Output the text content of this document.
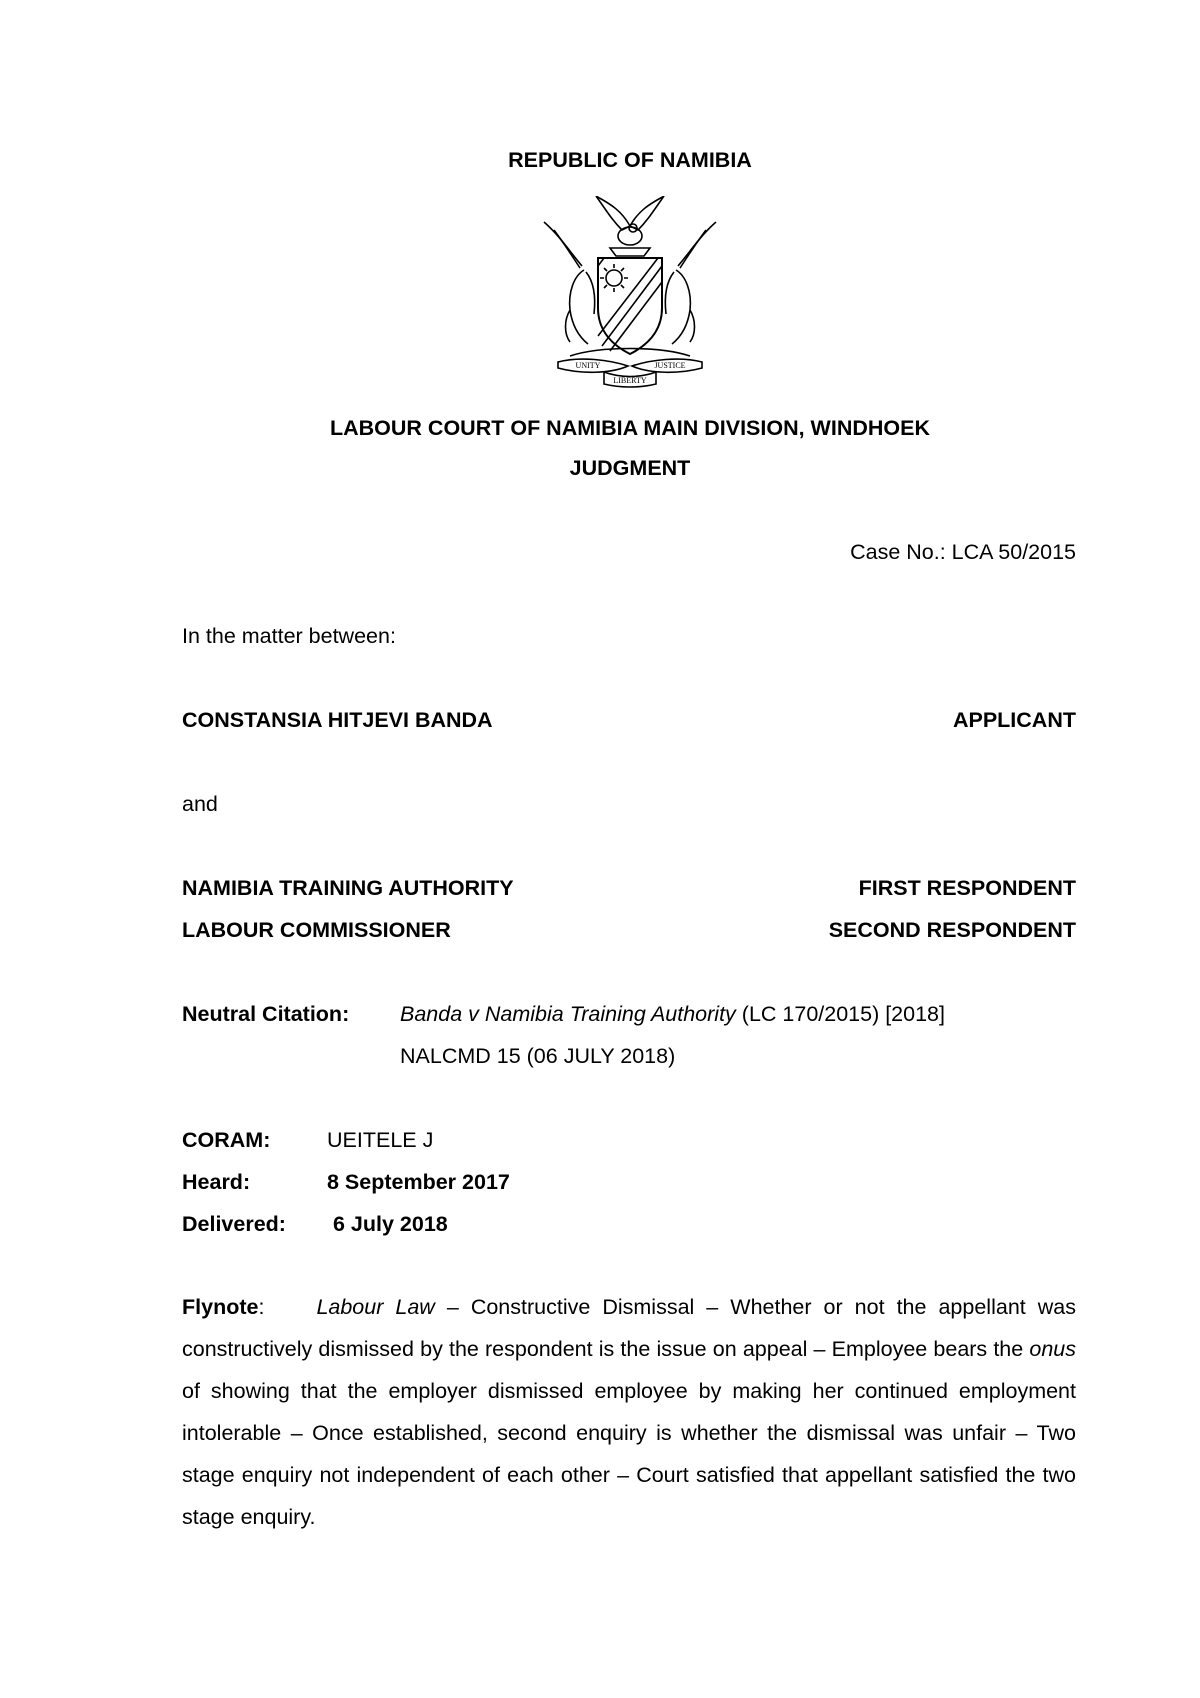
REPUBLIC OF NAMIBIA
UNITY	JUSTICE
LIBERTY
LABOUR COURT OF NAMIBIA MAIN DIVISION, WINDHOEK
JUDGMENT
Case No.: LCA 50/2015
In the matter between:
CONSTANSIA HITJEVI BANDA	APPLICANT
and
NAMIBIA TRAINING AUTHORITY	FIRST RESPONDENT
LABOUR COMMISSIONER	SECOND RESPONDENT
Neutral Citation: Banda v Namibia Training Authority (LC 170/2015) [2018]
NALCMD 15 (06 JULY 2018)
CORAM:	UEITELE J
Heard:	8 September 2017
Delivered: 6 July 2018
Flynote: Labour Law – Constructive Dismissal – Whether or not the appellant was constructively dismissed by the respondent is the issue on appeal – Employee bears the onus of showing that the employer dismissed employee by making her continued employment intolerable – Once established, second enquiry is whether the dismissal was unfair – Two stage enquiry not independent of each other – Court satisfied that appellant satisfied the two stage enquiry.
